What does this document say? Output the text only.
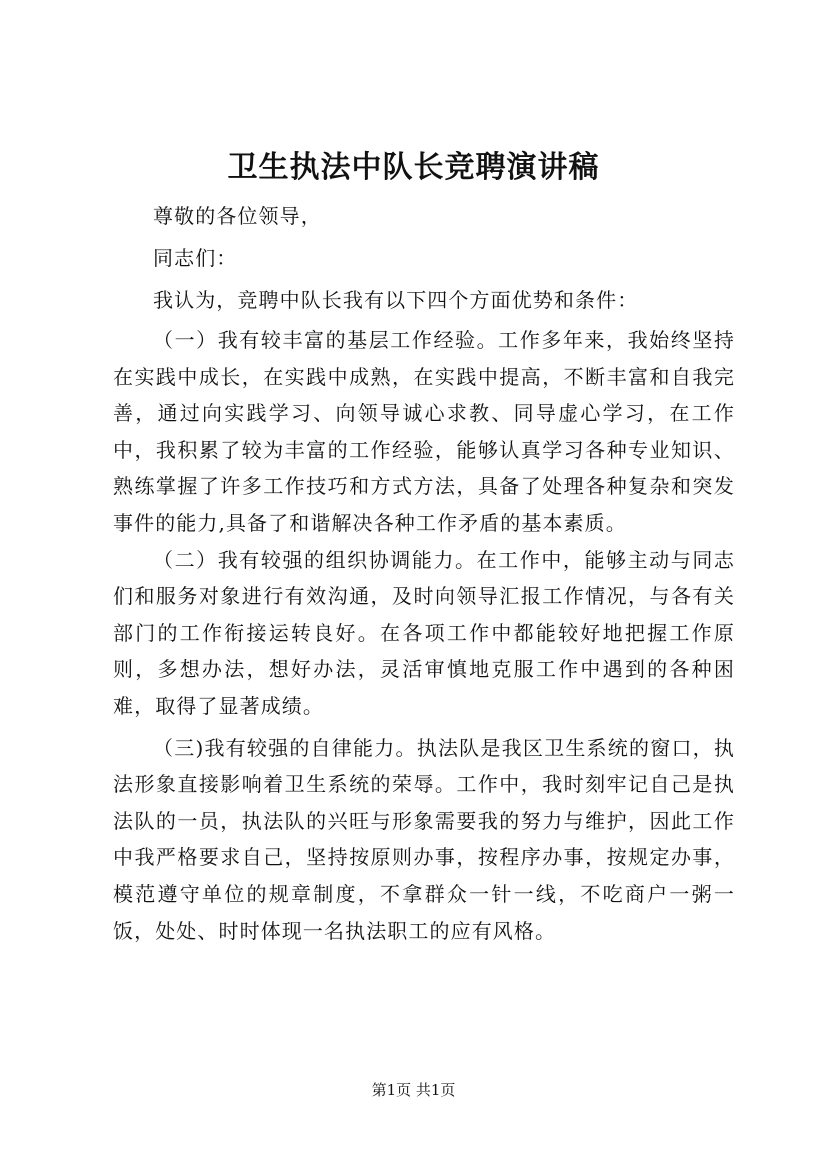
卫生执法中队长竞聘演讲稿

尊敬的各位领导，

同志们：

我认为，竞聘中队长我有以下四个方面优势和条件：

（一）我有较丰富的基层工作经验。工作多年来，我始终坚持在实践中成长，在实践中成熟，在实践中提高，不断丰富和自我完善，通过向实践学习、向领导诚心求教、同导虚心学习，在工作中，我积累了较为丰富的工作经验，能够认真学习各种专业知识、熟练掌握了许多工作技巧和方式方法，具备了处理各种复杂和突发事件的能力,具备了和谐解决各种工作矛盾的基本素质。

（二）我有较强的组织协调能力。在工作中，能够主动与同志们和服务对象进行有效沟通，及时向领导汇报工作情况，与各有关部门的工作衔接运转良好。在各项工作中都能较好地把握工作原则，多想办法，想好办法，灵活审慎地克服工作中遇到的各种困难，取得了显著成绩。

（三)我有较强的自律能力。执法队是我区卫生系统的窗口，执法形象直接影响着卫生系统的荣辱。工作中，我时刻牢记自己是执法队的一员，执法队的兴旺与形象需要我的努力与维护，因此工作中我严格要求自己，坚持按原则办事，按程序办事，按规定办事，模范遵守单位的规章制度，不拿群众一针一线，不吃商户一粥一饭，处处、时时体现一名执法职工的应有风格。

第1页 共1页
